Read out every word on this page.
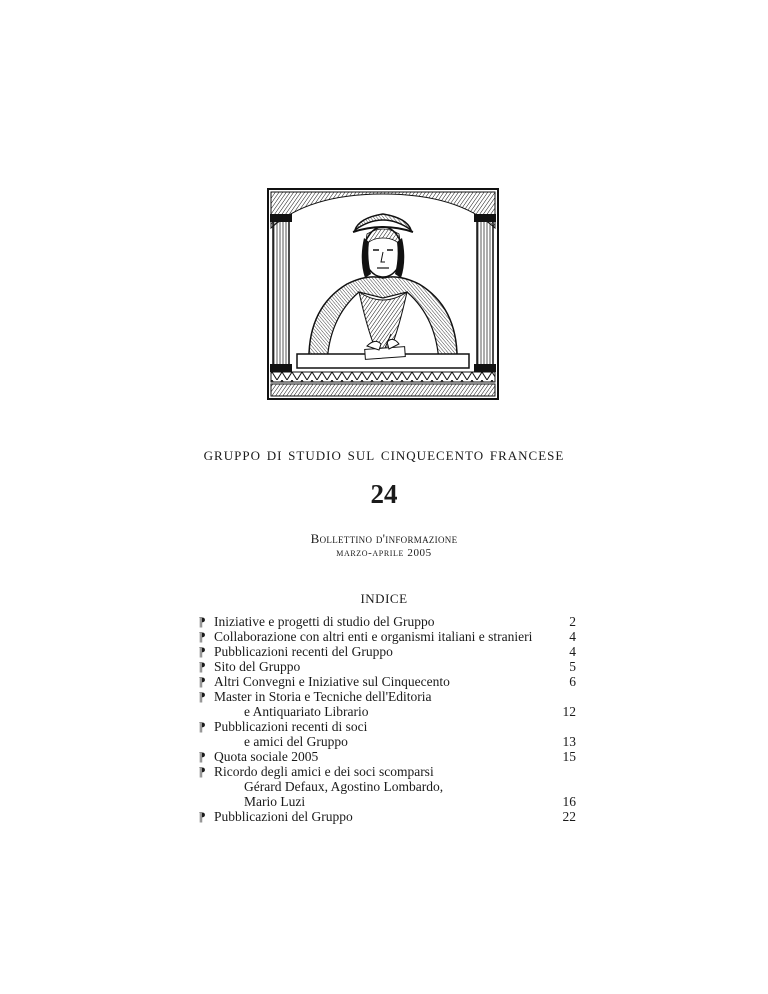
gruppo di studio sul cinquecento francese
24
Bollettino d'informazione
marzo-aprile 2005
INDICE
¶ Iniziative e progetti di studio del Gruppo	2
¶ Collaborazione con altri enti e organismi italiani e stranieri	4
¶ Pubblicazioni recenti del Gruppo	4
¶ Sito del Gruppo	5
¶ Altri Convegni e Iniziative sul Cinquecento	6
¶ Master in Storia e Tecniche dell'Editoria
e Antiquariato Librario	12
¶ Pubblicazioni recenti di soci
e amici del Gruppo	13
¶ Quota sociale 2005	15
¶ Ricordo degli amici e dei soci scomparsi
Gérard Defaux, Agostino Lombardo,
Mario Luzi	16
¶ Pubblicazioni del Gruppo	22
